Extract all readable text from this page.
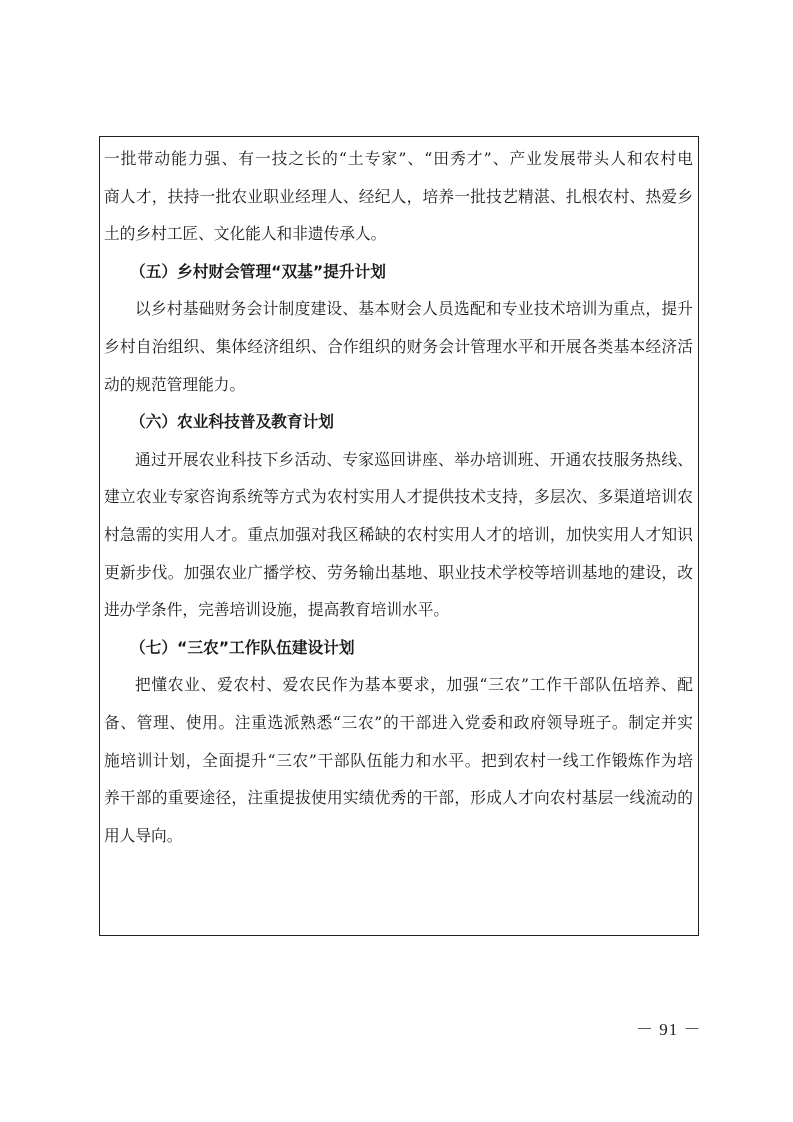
一批带动能力强、有一技之长的“土专家”、“田秀才”、产业发展带头人和农村电
商人才，扶持一批农业职业经理人、经纪人，培养一批技艺精湛、扎根农村、热爱乡
土的乡村工匠、文化能人和非遗传承人。
（五）乡村财会管理“双基”提升计划
以乡村基础财务会计制度建设、基本财会人员选配和专业技术培训为重点，提升
乡村自治组织、集体经济组织、合作组织的财务会计管理水平和开展各类基本经济活
动的规范管理能力。
（六）农业科技普及教育计划
通过开展农业科技下乡活动、专家巡回讲座、举办培训班、开通农技服务热线、
建立农业专家咨询系统等方式为农村实用人才提供技术支持，多层次、多渠道培训农
村急需的实用人才。重点加强对我区稀缺的农村实用人才的培训，加快实用人才知识
更新步伐。加强农业广播学校、劳务输出基地、职业技术学校等培训基地的建设，改
进办学条件，完善培训设施，提高教育培训水平。
（七）“三农”工作队伍建设计划
把懂农业、爱农村、爱农民作为基本要求，加强“三农”工作干部队伍培养、配
备、管理、使用。注重选派熟悉“三农”的干部进入党委和政府领导班子。制定并实
施培训计划，全面提升“三农”干部队伍能力和水平。把到农村一线工作锻炼作为培
养干部的重要途径，注重提拔使用实绩优秀的干部，形成人才向农村基层一线流动的
用人导向。
－ 91 －
